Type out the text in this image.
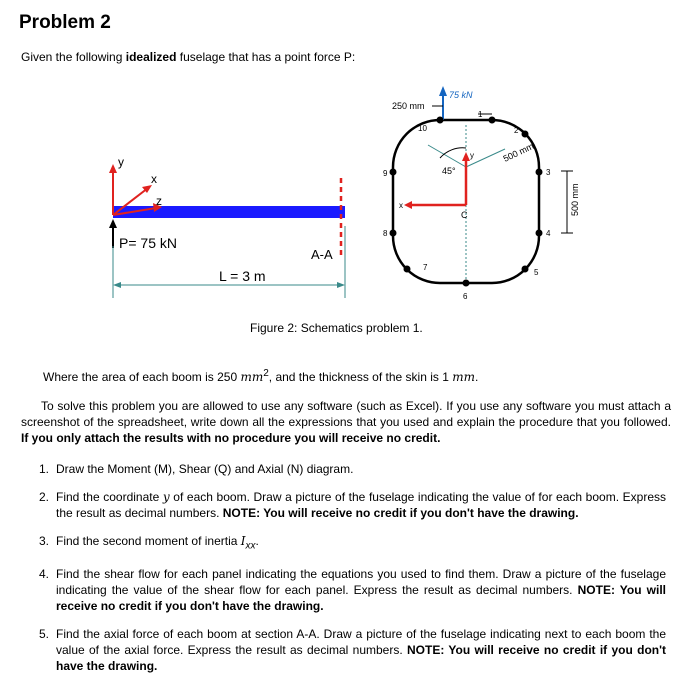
Problem 2
Given the following idealized fuselage that has a point force P:
y
x
z
P= 75 kN
A-A
L = 3 m
45°
500 mm
y
x
C
75 kN
250 mm
500 mm
1
2
3
4
5
6
7
8
9
10
Figure 2: Schematics problem 1.
Where the area of each boom is 250 $mm^2$, and the thickness of the skin is 1 mm.
To solve this problem you are allowed to use any software (such as Excel). If you use any software you must attach a screenshot of the spreadsheet, write down all the expressions that you used and explain the procedure that you followed. If you only attach the results with no procedure you will receive no credit.
1. Draw the Moment (M), Shear (Q) and Axial (N) diagram.
2. Find the coordinate y of each boom. Draw a picture of the fuselage indicating the value of for each boom. Express the result as decimal numbers. NOTE: You will receive no credit if you don't have the drawing.
3. Find the second moment of inertia $I_{xx}$.
4. Find the shear flow for each panel indicating the equations you used to find them. Draw a picture of the fuselage indicating the value of the shear flow for each panel. Express the result as decimal numbers. NOTE: You will receive no credit if you don't have the drawing.
5. Find the axial force of each boom at section A-A. Draw a picture of the fuselage indicating next to each boom the value of the axial force. Express the result as decimal numbers. NOTE: You will receive no credit if you don't have the drawing.
